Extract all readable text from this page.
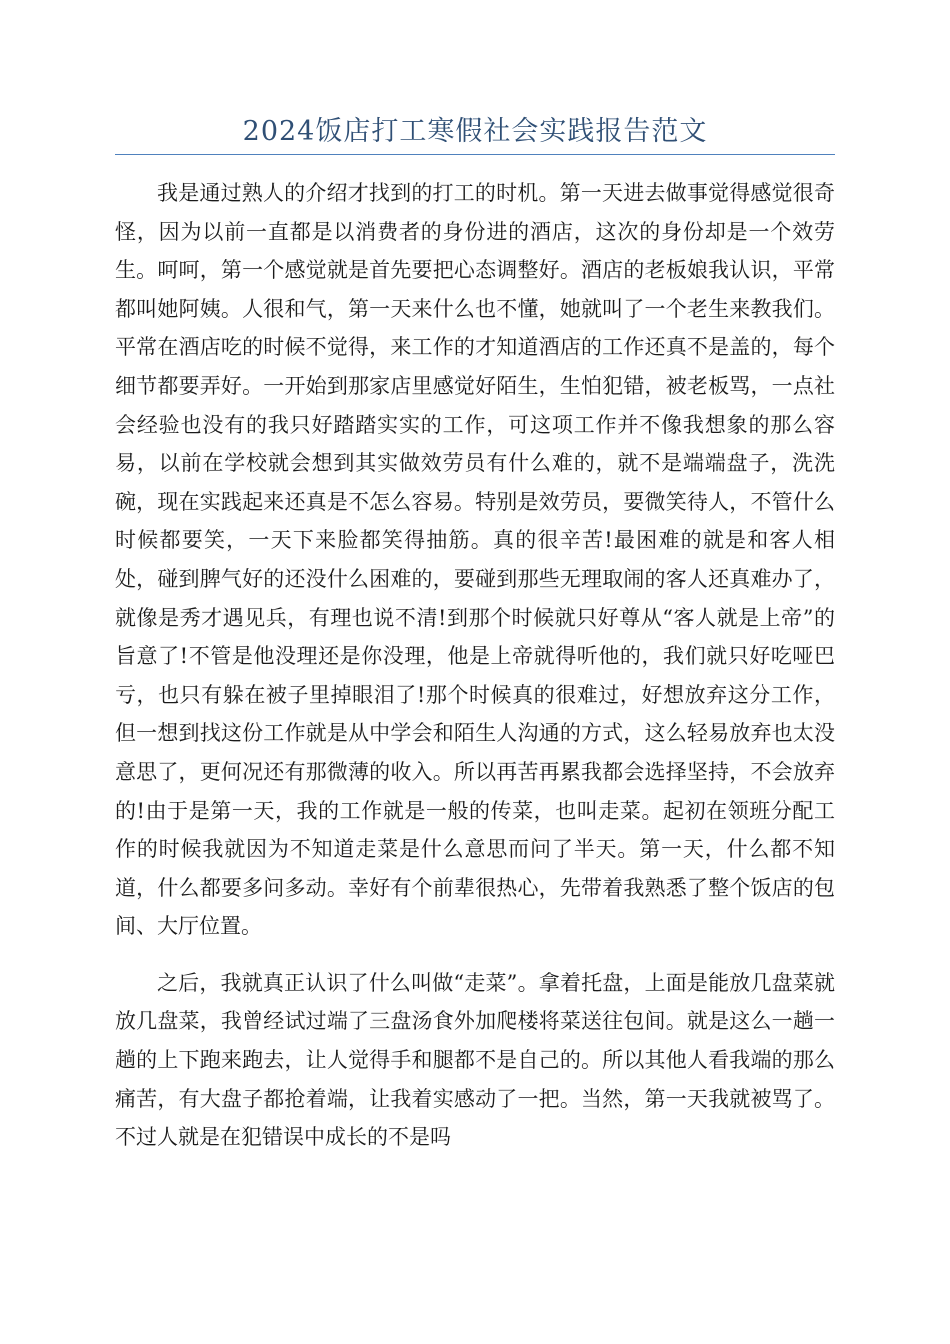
2024饭店打工寒假社会实践报告范文

我是通过熟人的介绍才找到的打工的时机。第一天进去做事觉得感觉很奇怪，因为以前一直都是以消费者的身份进的酒店，这次的身份却是一个效劳生。呵呵，第一个感觉就是首先要把心态调整好。酒店的老板娘我认识，平常都叫她阿姨。人很和气，第一天来什么也不懂，她就叫了一个老生来教我们。平常在酒店吃的时候不觉得，来工作的才知道酒店的工作还真不是盖的，每个细节都要弄好。一开始到那家店里感觉好陌生，生怕犯错，被老板骂，一点社会经验也没有的我只好踏踏实实的工作，可这项工作并不像我想象的那么容易，以前在学校就会想到其实做效劳员有什么难的，就不是端端盘子，洗洗碗，现在实践起来还真是不怎么容易。特别是效劳员，要微笑待人，不管什么时候都要笑，一天下来脸都笑得抽筋。真的很辛苦!最困难的就是和客人相处，碰到脾气好的还没什么困难的，要碰到那些无理取闹的客人还真难办了，就像是秀才遇见兵，有理也说不清!到那个时候就只好尊从“客人就是上帝”的旨意了!不管是他没理还是你没理，他是上帝就得听他的，我们就只好吃哑巴亏，也只有躲在被子里掉眼泪了!那个时候真的很难过，好想放弃这分工作，但一想到找这份工作就是从中学会和陌生人沟通的方式，这么轻易放弃也太没意思了，更何况还有那微薄的收入。所以再苦再累我都会选择坚持，不会放弃的!由于是第一天，我的工作就是一般的传菜，也叫走菜。起初在领班分配工作的时候我就因为不知道走菜是什么意思而问了半天。第一天，什么都不知道，什么都要多问多动。幸好有个前辈很热心，先带着我熟悉了整个饭店的包间、大厅位置。

之后，我就真正认识了什么叫做“走菜”。拿着托盘，上面是能放几盘菜就放几盘菜，我曾经试过端了三盘汤食外加爬楼将菜送往包间。就是这么一趟一趟的上下跑来跑去，让人觉得手和腿都不是自己的。所以其他人看我端的那么痛苦，有大盘子都抢着端，让我着实感动了一把。当然，第一天我就被骂了。不过人就是在犯错误中成长的不是吗
